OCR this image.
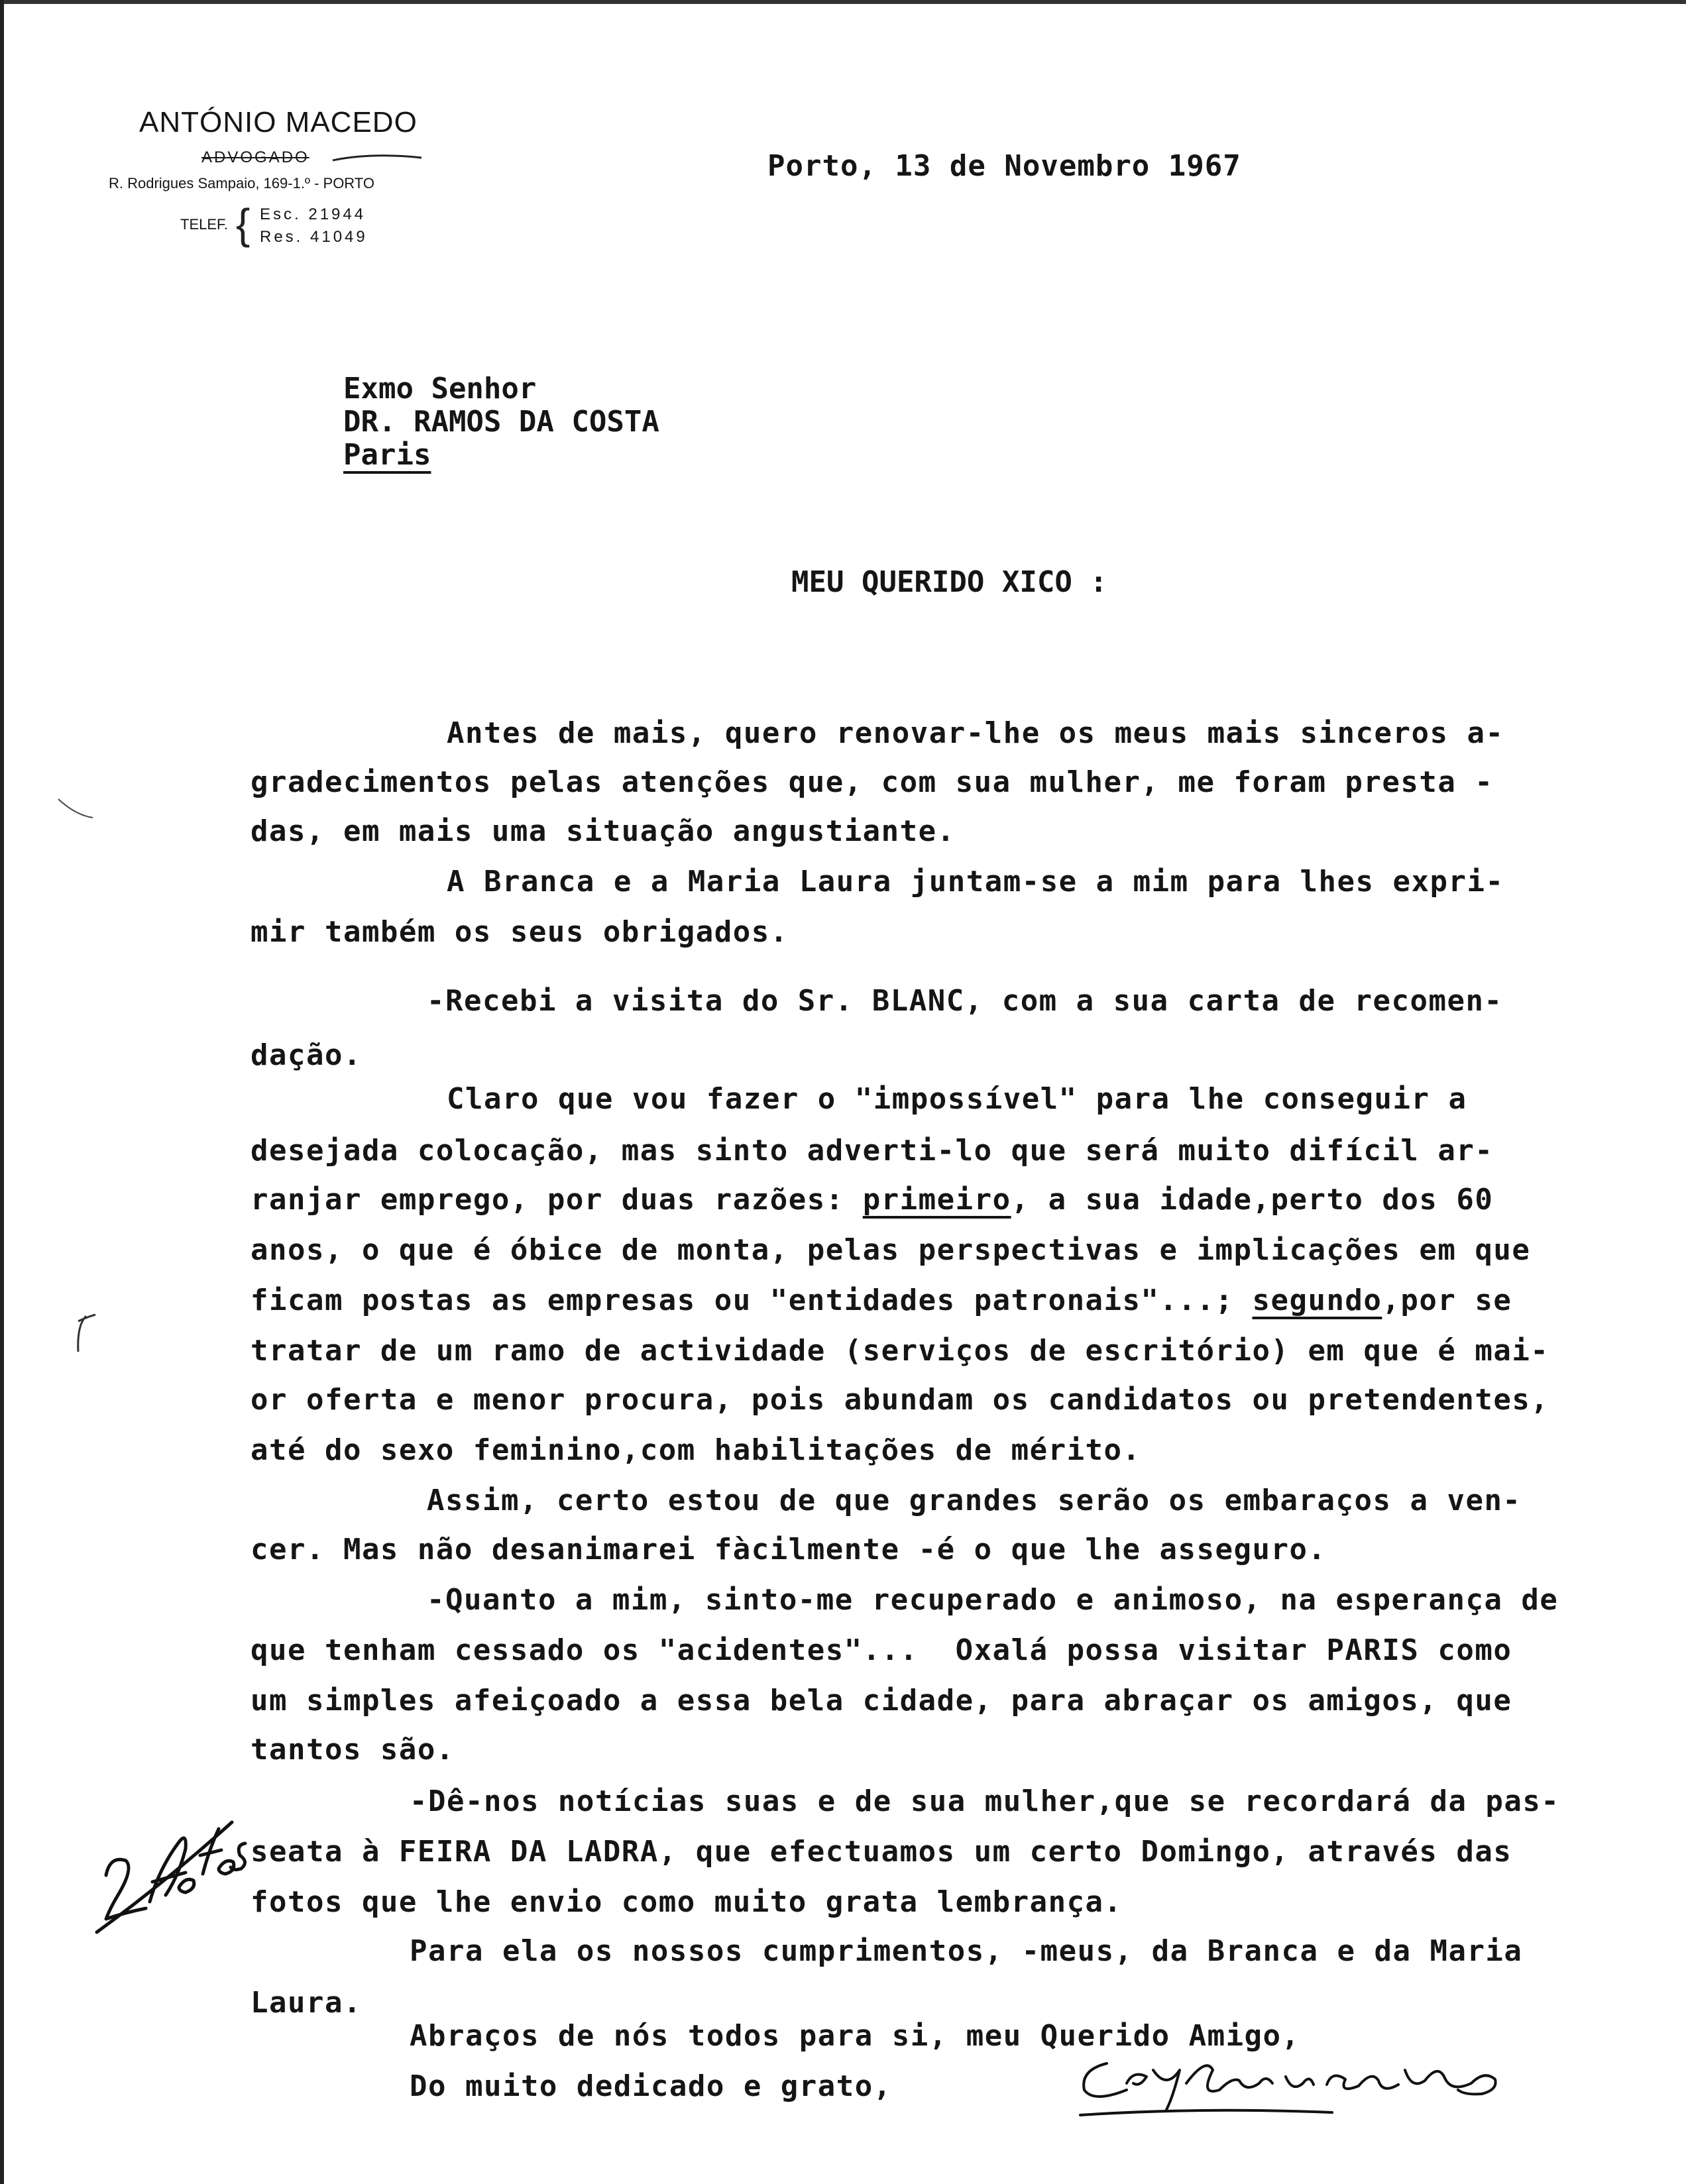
ANTÓNIO MACEDO
ADVOGADO
R. Rodrigues Sampaio, 169-1.º - PORTO
TELEF. { Esc. 21944
Res. 41049
Porto, 13 de Novembro 1967
Exmo Senhor
DR. RAMOS DA COSTA
Paris
MEU QUERIDO XICO :
Antes de mais, quero renovar-lhe os meus mais sinceros a-
gradecimentos pelas atenções que, com sua mulher, me foram presta -
das, em mais uma situação angustiante.
A Branca e a Maria Laura juntam-se a mim para lhes expri-
mir também os seus obrigados.
-Recebi a visita do Sr. BLANC, com a sua carta de recomen-
dação.
Claro que vou fazer o "impossível" para lhe conseguir a
desejada colocação, mas sinto adverti-lo que será muito difícil ar-
ranjar emprego, por duas razões: primeiro, a sua idade,perto dos 60
anos, o que é óbice de monta, pelas perspectivas e implicações em que
ficam postas as empresas ou "entidades patronais"...; segundo,por se
tratar de um ramo de actividade (serviços de escritório) em que é mai-
or oferta e menor procura, pois abundam os candidatos ou pretendentes,
até do sexo feminino,com habilitações de mérito.
Assim, certo estou de que grandes serão os embaraços a ven-
cer. Mas não desanimarei fàcilmente -é o que lhe asseguro.
-Quanto a mim, sinto-me recuperado e animoso, na esperança de
que tenham cessado os "acidentes"...  Oxalá possa visitar PARIS como
um simples afeiçoado a essa bela cidade, para abraçar os amigos, que
tantos são.
-Dê-nos notícias suas e de sua mulher,que se recordará da pas-
seata à FEIRA DA LADRA, que efectuamos um certo Domingo, através das
fotos que lhe envio como muito grata lembrança.
Para ela os nossos cumprimentos, -meus, da Branca e da Maria
Laura.
Abraços de nós todos para si, meu Querido Amigo,
Do muito dedicado e grato,
